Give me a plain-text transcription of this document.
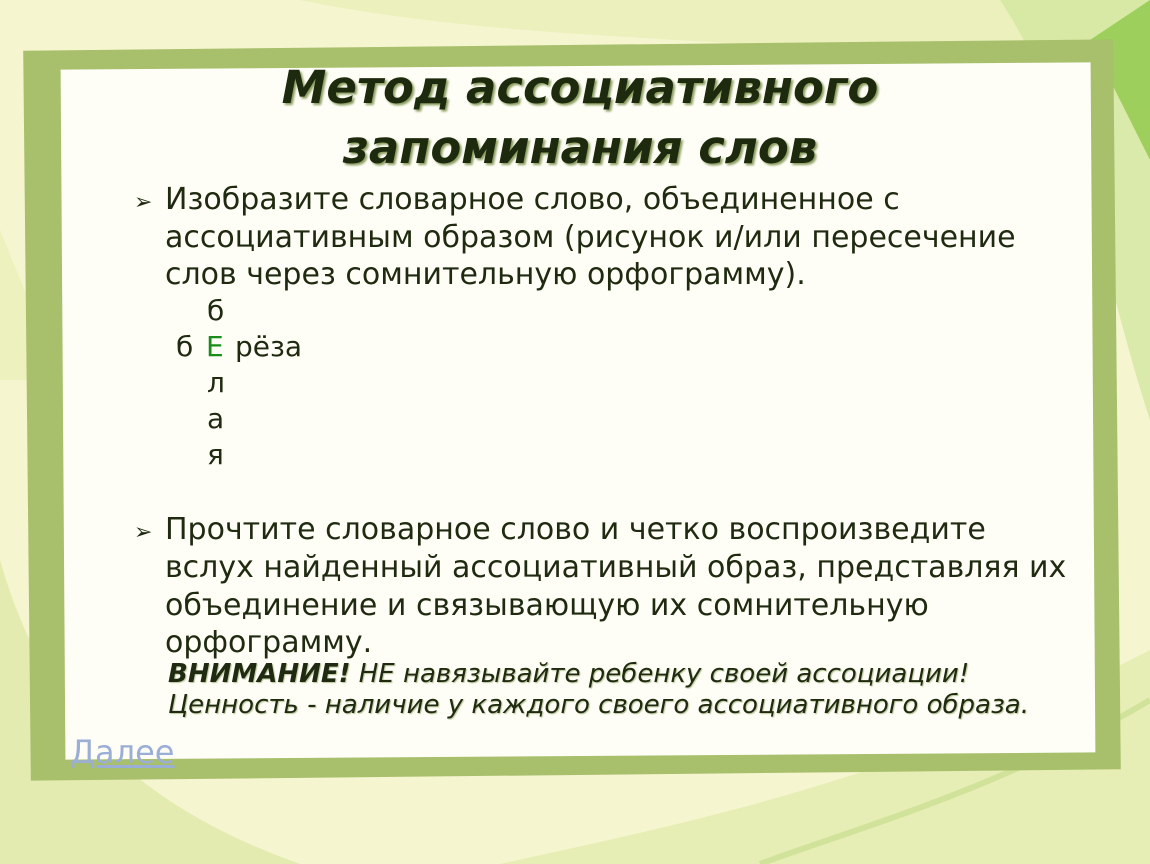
Метод ассоциативного
запоминания слов
➢ Изобразите словарное слово, объединенное с
ассоциативным образом (рисунок и/или пересечение
слов через сомнительную орфограмму).
б
б Е рёза
л
а
я
➢ Прочтите словарное слово и четко воспроизведите
вслух найденный ассоциативный образ, представляя их
объединение и связывающую их сомнительную
орфограмму.
ВНИМАНИЕ! НЕ навязывайте ребенку своей ассоциации!
Ценность - наличие у каждого своего ассоциативного образа.
Далее
